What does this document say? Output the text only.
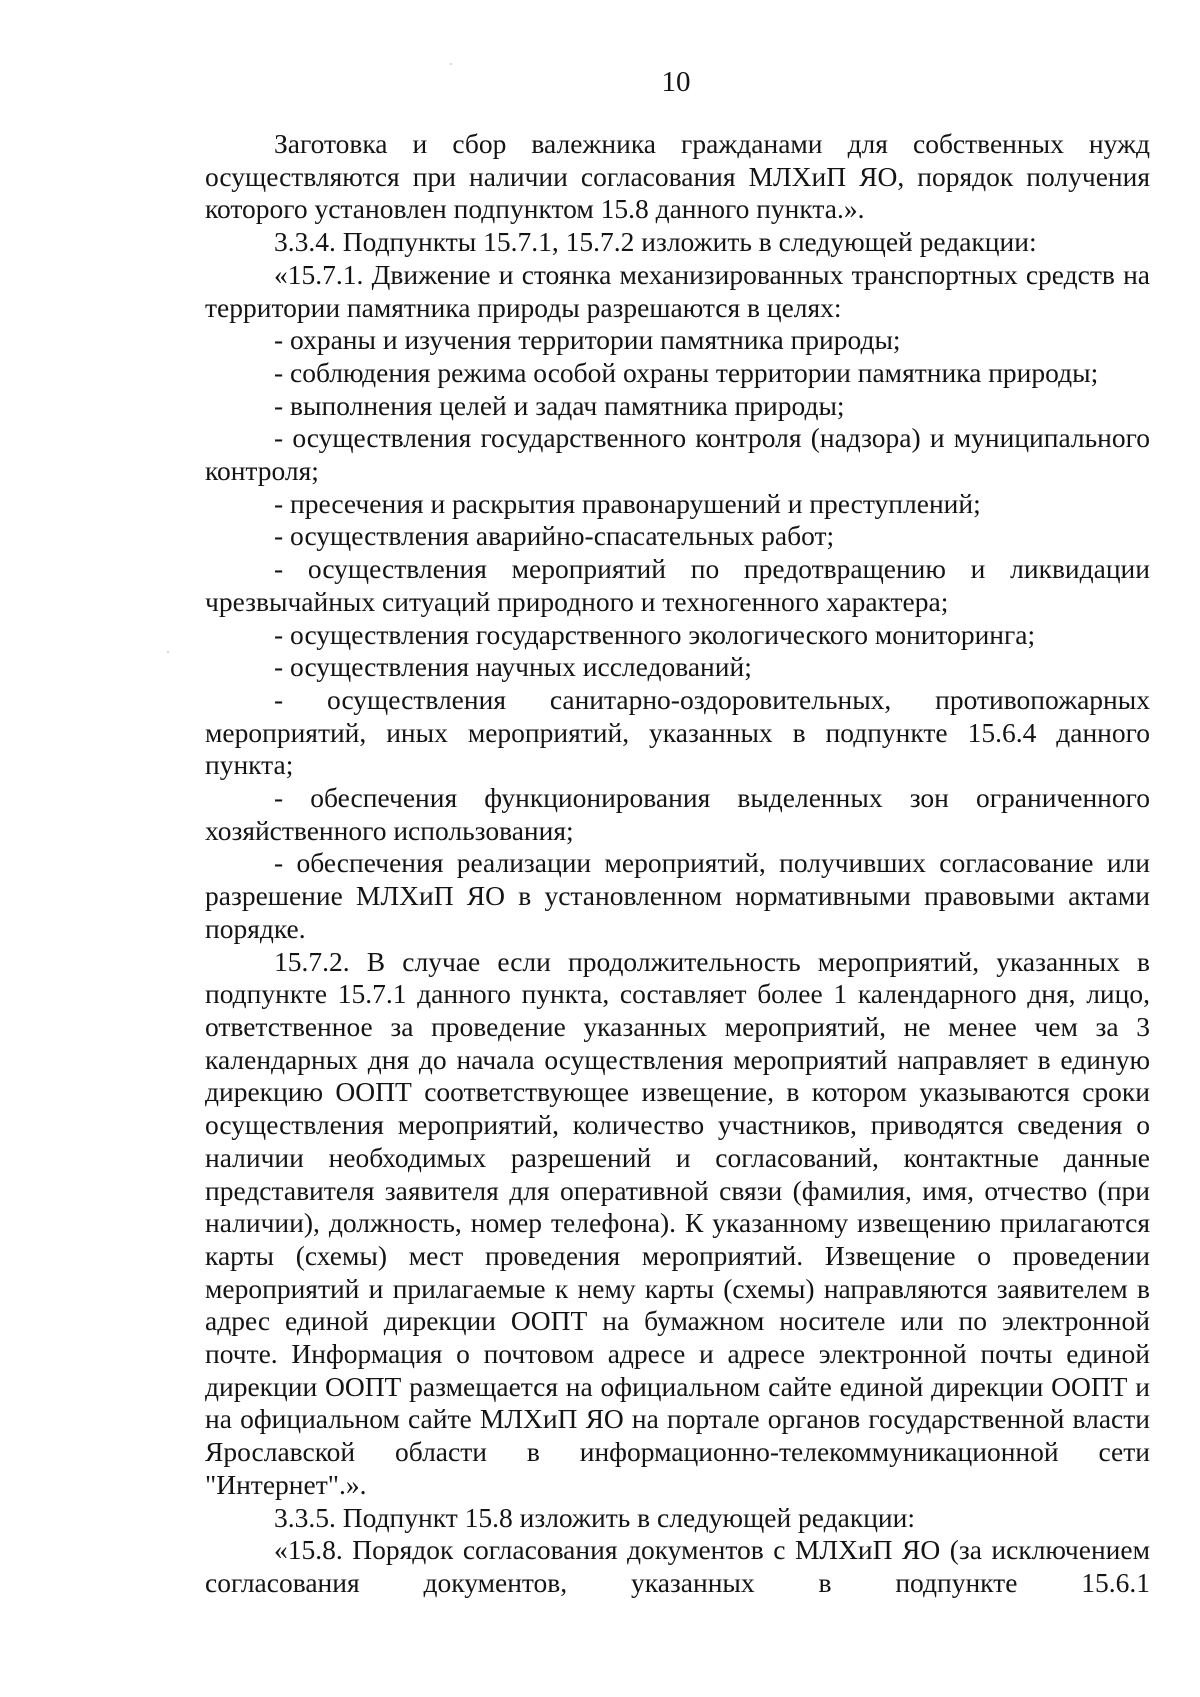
10

Заготовка и сбор валежника гражданами для собственных нужд осуществляются при наличии согласования МЛХиП ЯО, порядок получения которого установлен подпунктом 15.8 данного пункта.».

3.3.4. Подпункты 15.7.1, 15.7.2 изложить в следующей редакции:

«15.7.1. Движение и стоянка механизированных транспортных средств на территории памятника природы разрешаются в целях:

- охраны и изучения территории памятника природы;

- соблюдения режима особой охраны территории памятника природы;

- выполнения целей и задач памятника природы;

- осуществления государственного контроля (надзора) и муниципального контроля;

- пресечения и раскрытия правонарушений и преступлений;

- осуществления аварийно-спасательных работ;

- осуществления мероприятий по предотвращению и ликвидации чрезвычайных ситуаций природного и техногенного характера;

- осуществления государственного экологического мониторинга;

- осуществления научных исследований;

- осуществления санитарно-оздоровительных, противопожарных мероприятий, иных мероприятий, указанных в подпункте 15.6.4 данного пункта;

- обеспечения функционирования выделенных зон ограниченного хозяйственного использования;

- обеспечения реализации мероприятий, получивших согласование или разрешение МЛХиП ЯО в установленном нормативными правовыми актами порядке.

15.7.2. В случае если продолжительность мероприятий, указанных в подпункте 15.7.1 данного пункта, составляет более 1 календарного дня, лицо, ответственное за проведение указанных мероприятий, не менее чем за 3 календарных дня до начала осуществления мероприятий направляет в единую дирекцию ООПТ соответствующее извещение, в котором указываются сроки осуществления мероприятий, количество участников, приводятся сведения о наличии необходимых разрешений и согласований, контактные данные представителя заявителя для оперативной связи (фамилия, имя, отчество (при наличии), должность, номер телефона). К указанному извещению прилагаются карты (схемы) мест проведения мероприятий. Извещение о проведении мероприятий и прилагаемые к нему карты (схемы) направляются заявителем в адрес единой дирекции ООПТ на бумажном носителе или по электронной почте. Информация о почтовом адресе и адресе электронной почты единой дирекции ООПТ размещается на официальном сайте единой дирекции ООПТ и на официальном сайте МЛХиП ЯО на портале органов государственной власти Ярославской области в информационно-телекоммуникационной сети "Интернет".».

3.3.5. Подпункт 15.8 изложить в следующей редакции:

«15.8. Порядок согласования документов с МЛХиП ЯО (за исключением согласования документов, указанных в подпункте 15.6.1
